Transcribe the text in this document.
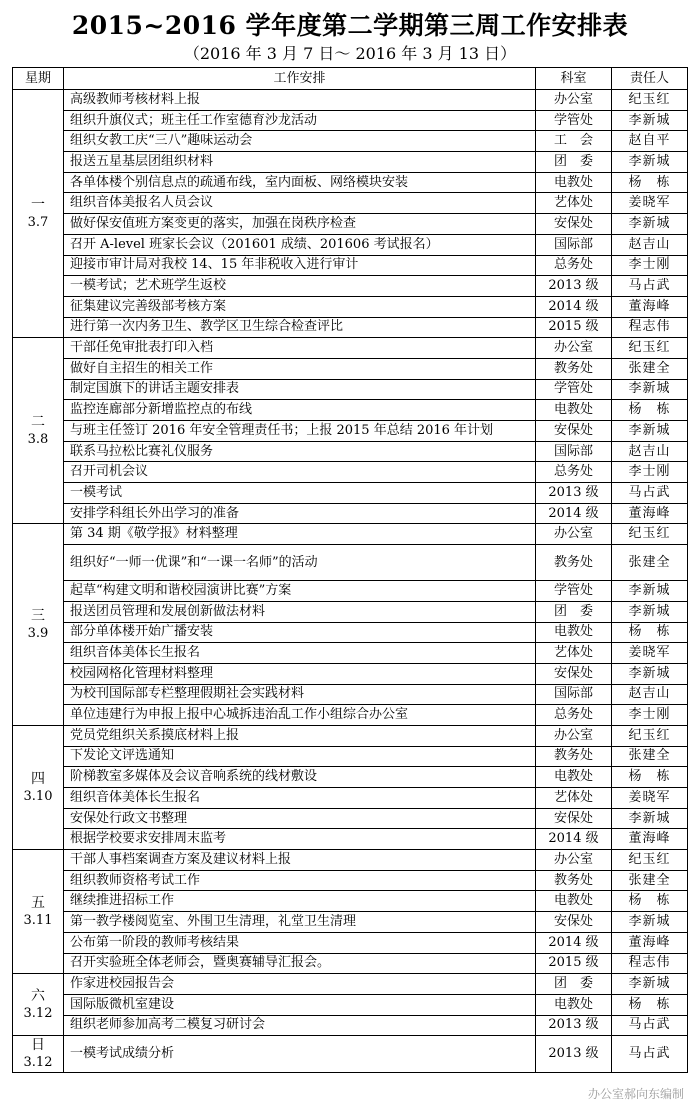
2015~2016 学年度第二学期第三周工作安排表
（2016 年 3 月 7 日～ 2016 年 3 月 13 日）
星期	工作安排	科室	责任人

一
3.7	高级教师考核材料上报	办公室	纪玉红
	组织升旗仪式；班主任工作室德育沙龙活动	学管处	李新城
	组织女教工庆“三八”趣味运动会	工　会	赵自平
	报送五星基层团组织材料	团　委	李新城
	各单体楼个别信息点的疏通布线，室内面板、网络模块安装	电教处	杨　栋
	组织音体美报名人员会议	艺体处	姜晓军
	做好保安值班方案变更的落实，加强在岗秩序检查	安保处	李新城
	召开 A-level 班家长会议（201601 成绩、201606 考试报名）	国际部	赵吉山
	迎接市审计局对我校 14、15 年非税收入进行审计	总务处	李士刚
	一模考试；艺术班学生返校	2013 级	马占武
	征集建议完善级部考核方案	2014 级	董海峰
	进行第一次内务卫生、教学区卫生综合检查评比	2015 级	程志伟

二
3.8	干部任免审批表打印入档	办公室	纪玉红
	做好自主招生的相关工作	教务处	张建全
	制定国旗下的讲话主题安排表	学管处	李新城
	监控连廊部分新增监控点的布线	电教处	杨　栋
	与班主任签订 2016 年安全管理责任书；上报 2015 年总结 2016 年计划	安保处	李新城
	联系马拉松比赛礼仪服务	国际部	赵吉山
	召开司机会议	总务处	李士刚
	一模考试	2013 级	马占武
	安排学科组长外出学习的准备	2014 级	董海峰

三
3.9	第 34 期《敬学报》材料整理	办公室	纪玉红
	组织好“一师一优课”和“一课一名师”的活动	教务处	张建全
	起草“构建文明和谐校园演讲比赛”方案	学管处	李新城
	报送团员管理和发展创新做法材料	团　委	李新城
	部分单体楼开始广播安装	电教处	杨　栋
	组织音体美体长生报名	艺体处	姜晓军
	校园网格化管理材料整理	安保处	李新城
	为校刊国际部专栏整理假期社会实践材料	国际部	赵吉山
	单位违建行为申报上报中心城拆违治乱工作小组综合办公室	总务处	李士刚

四
3.10	党员党组织关系摸底材料上报	办公室	纪玉红
	下发论文评选通知	教务处	张建全
	阶梯教室多媒体及会议音响系统的线材敷设	电教处	杨　栋
	组织音体美体长生报名	艺体处	姜晓军
	安保处行政文书整理	安保处	李新城
	根据学校要求安排周末监考	2014 级	董海峰

五
3.11	干部人事档案调查方案及建议材料上报	办公室	纪玉红
	组织教师资格考试工作	教务处	张建全
	继续推进招标工作	电教处	杨　栋
	第一教学楼阅览室、外围卫生清理，礼堂卫生清理	安保处	李新城
	公布第一阶段的教师考核结果	2014 级	董海峰
	召开实验班全体老师会，暨奥赛辅导汇报会。	2015 级	程志伟

六
3.12	作家进校园报告会	团　委	李新城
	国际版微机室建设	电教处	杨　栋
	组织老师参加高考二模复习研讨会	2013 级	马占武

日
3.12	一模考试成绩分析	2013 级	马占武
办公室郝向东编制
